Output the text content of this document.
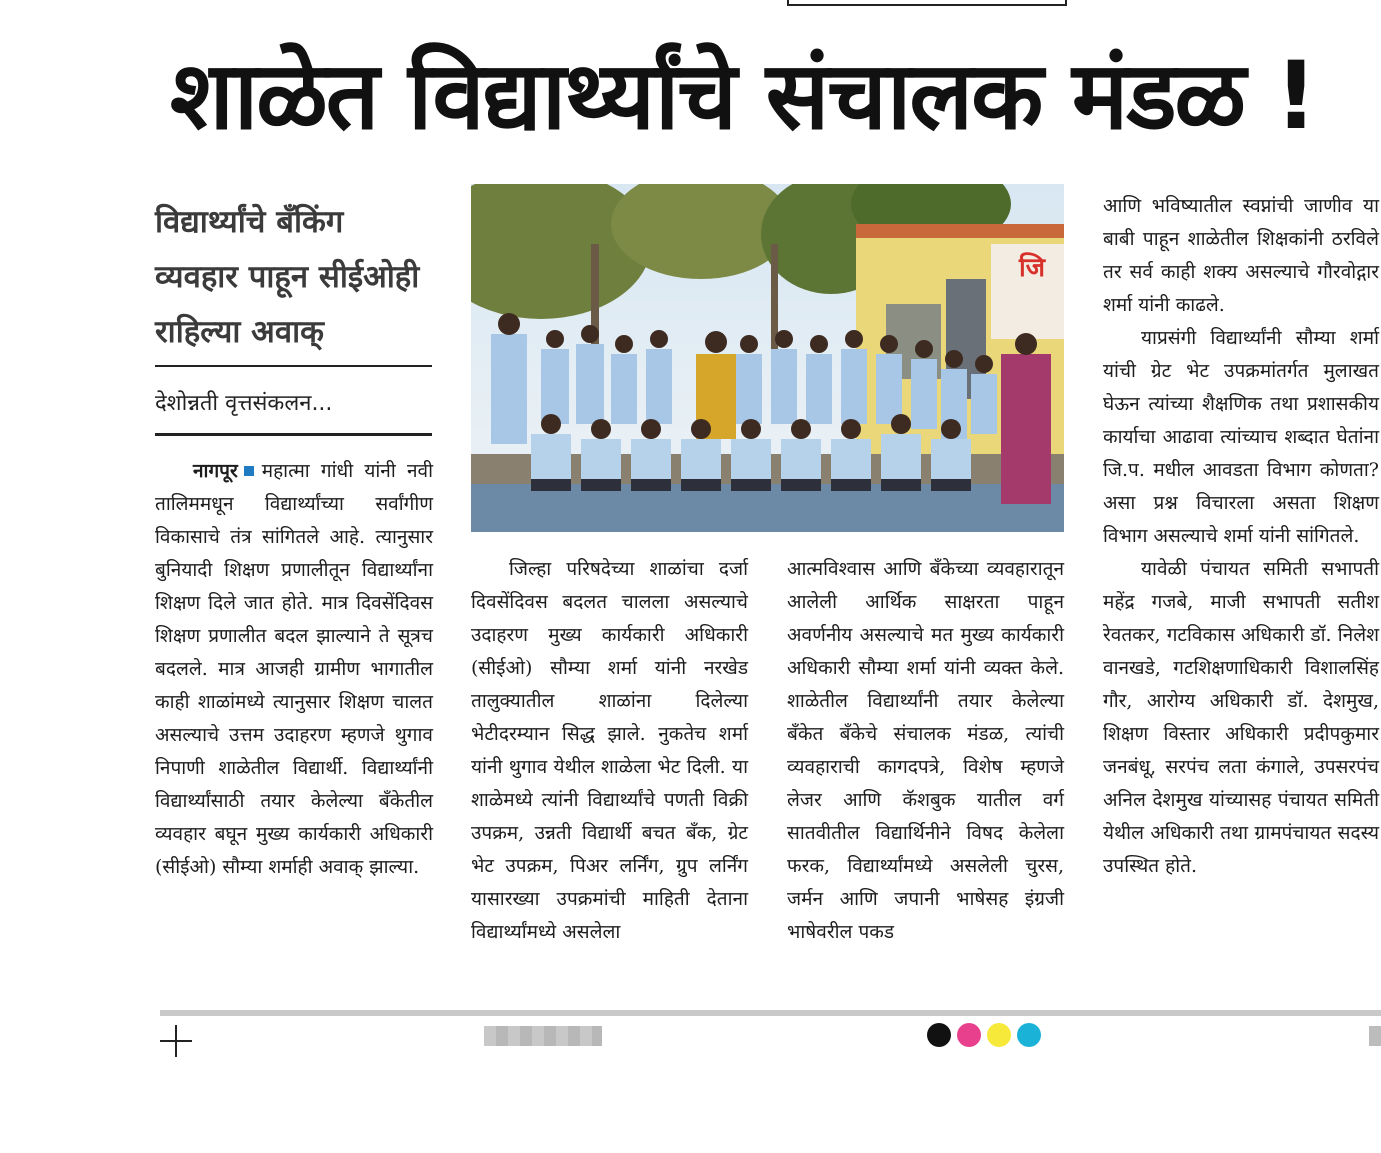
शाळेत विद्यार्थ्यांचे संचालक मंडळ !
विद्यार्थ्यांचे बँकिंग व्यवहार पाहून सीईओही राहिल्या अवाक्
देशोन्नती वृत्तसंकलन...

नागपूर महात्मा गांधी यांनी नवी तालिममधून विद्यार्थ्यांच्या सर्वांगीण विकासाचे तंत्र सांगितले आहे. त्यानुसार बुनियादी शिक्षण प्रणालीतून विद्यार्थ्यांना शिक्षण दिले जात होते. मात्र दिवसेंदिवस शिक्षण प्रणालीत बदल झाल्याने ते सूत्रच बदलले. मात्र आजही ग्रामीण भागातील काही शाळांमध्ये त्यानुसार शिक्षण चालत असल्याचे उत्तम उदाहरण म्हणजे थुगाव निपाणी शाळेतील विद्यार्थी. विद्यार्थ्यांनी विद्यार्थ्यांसाठी तयार केलेल्या बँकेतील व्यवहार बघून मुख्य कार्यकारी अधिकारी (सीईओ) सौम्या शर्माही अवाक् झाल्या.

जि

जिल्हा परिषदेच्या शाळांचा दर्जा दिवसेंदिवस बदलत चालला असल्याचे उदाहरण मुख्य कार्यकारी अधिकारी (सीईओ) सौम्या शर्मा यांनी नरखेड तालुक्यातील शाळांना दिलेल्या भेटीदरम्यान सिद्ध झाले. नुकतेच शर्मा यांनी थुगाव येथील शाळेला भेट दिली. या शाळेमध्ये त्यांनी विद्यार्थ्यांचे पणती विक्री उपक्रम, उन्नती विद्यार्थी बचत बँक, ग्रेट भेट उपक्रम, पिअर लर्निंग, ग्रुप लर्निंग यासारख्या उपक्रमांची माहिती देताना विद्यार्थ्यांमध्ये असलेला

आत्मविश्वास आणि बँकेच्या व्यवहारातून आलेली आर्थिक साक्षरता पाहून अवर्णनीय असल्याचे मत मुख्य कार्यकारी अधिकारी सौम्या शर्मा यांनी व्यक्त केले. शाळेतील विद्यार्थ्यांनी तयार केलेल्या बँकेत बँकेचे संचालक मंडळ, त्यांची व्यवहाराची कागदपत्रे, विशेष म्हणजे लेजर आणि कॅशबुक यातील वर्ग सातवीतील विद्यार्थिनीने विषद केलेला फरक, विद्यार्थ्यांमध्ये असलेली चुरस, जर्मन आणि जपानी भाषेसह इंग्रजी भाषेवरील पकड

आणि भविष्यातील स्वप्नांची जाणीव या बाबी पाहून शाळेतील शिक्षकांनी ठरविले तर सर्व काही शक्य असल्याचे गौरवोद्गार शर्मा यांनी काढले.

याप्रसंगी विद्यार्थ्यांनी सौम्या शर्मा यांची ग्रेट भेट उपक्रमांतर्गत मुलाखत घेऊन त्यांच्या शैक्षणिक तथा प्रशासकीय कार्याचा आढावा त्यांच्याच शब्दात घेतांना जि.प. मधील आवडता विभाग कोणता? असा प्रश्न विचारला असता शिक्षण विभाग असल्याचे शर्मा यांनी सांगितले.

यावेळी पंचायत समिती सभापती महेंद्र गजबे, माजी सभापती सतीश रेवतकर, गटविकास अधिकारी डॉ. निलेश वानखडे, गटशिक्षणाधिकारी विशालसिंह गौर, आरोग्य अधिकारी डॉ. देशमुख, शिक्षण विस्तार अधिकारी प्रदीपकुमार जनबंधू, सरपंच लता कंगाले, उपसरपंच अनिल देशमुख यांच्यासह पंचायत समिती येथील अधिकारी तथा ग्रामपंचायत सदस्य उपस्थित होते.
